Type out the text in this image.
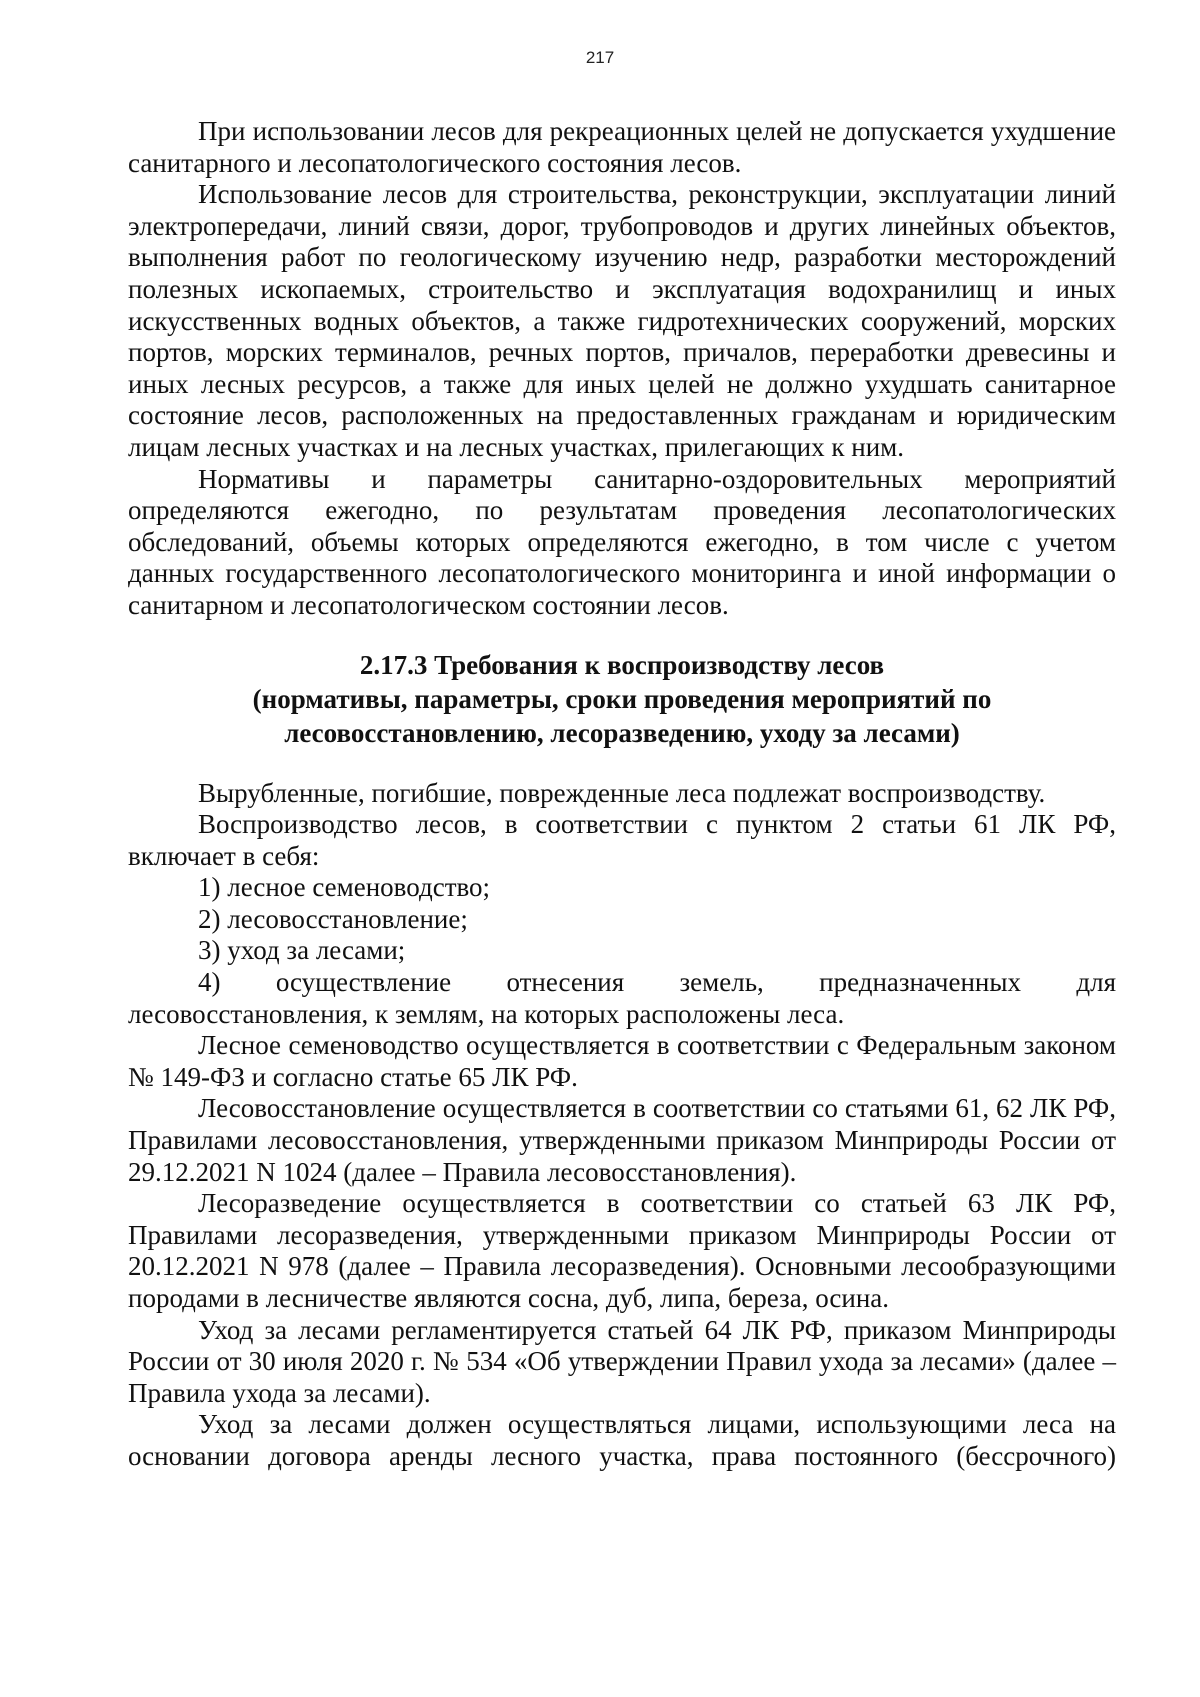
217

При использовании лесов для рекреационных целей не допускается ухудшение санитарного и лесопатологического состояния лесов.

Использование лесов для строительства, реконструкции, эксплуатации линий электропередачи, линий связи, дорог, трубопроводов и других линейных объектов, выполнения работ по геологическому изучению недр, разработки месторождений полезных ископаемых, строительство и эксплуатация водохранилищ и иных искусственных водных объектов, а также гидротехнических сооружений, морских портов, морских терминалов, речных портов, причалов, переработки древесины и иных лесных ресурсов, а также для иных целей не должно ухудшать санитарное состояние лесов, расположенных на предоставленных гражданам и юридическим лицам лесных участках и на лесных участках, прилегающих к ним.

Нормативы и параметры санитарно-оздоровительных мероприятий определяются ежегодно, по результатам проведения лесопатологических обследований, объемы которых определяются ежегодно, в том числе с учетом данных государственного лесопатологического мониторинга и иной информации о санитарном и лесопатологическом состоянии лесов.

2.17.3 Требования к воспроизводству лесов

(нормативы, параметры, сроки проведения мероприятий по

лесовосстановлению, лесоразведению, уходу за лесами)

Вырубленные, погибшие, поврежденные леса подлежат воспроизводству.

Воспроизводство лесов, в соответствии с пунктом 2 статьи 61 ЛК РФ, включает в себя:

1) лесное семеноводство;

2) лесовосстановление;

3) уход за лесами;

4) осуществление отнесения земель, предназначенных для лесовосстановления, к землям, на которых расположены леса.

Лесное семеноводство осуществляется в соответствии с Федеральным законом № 149-ФЗ и согласно статье 65 ЛК РФ.

Лесовосстановление осуществляется в соответствии со статьями 61, 62 ЛК РФ, Правилами лесовосстановления, утвержденными приказом Минприроды России от 29.12.2021 N 1024 (далее – Правила лесовосстановления).

Лесоразведение осуществляется в соответствии со статьей 63 ЛК РФ, Правилами лесоразведения, утвержденными приказом Минприроды России от 20.12.2021 N 978 (далее – Правила лесоразведения). Основными лесообразующими породами в лесничестве являются сосна, дуб, липа, береза, осина.

Уход за лесами регламентируется статьей 64 ЛК РФ, приказом Минприроды России от 30 июля 2020 г. № 534 «Об утверждении Правил ухода за лесами» (далее – Правила ухода за лесами).

Уход за лесами должен осуществляться лицами, использующими леса на основании договора аренды лесного участка, права постоянного (бессрочного)
